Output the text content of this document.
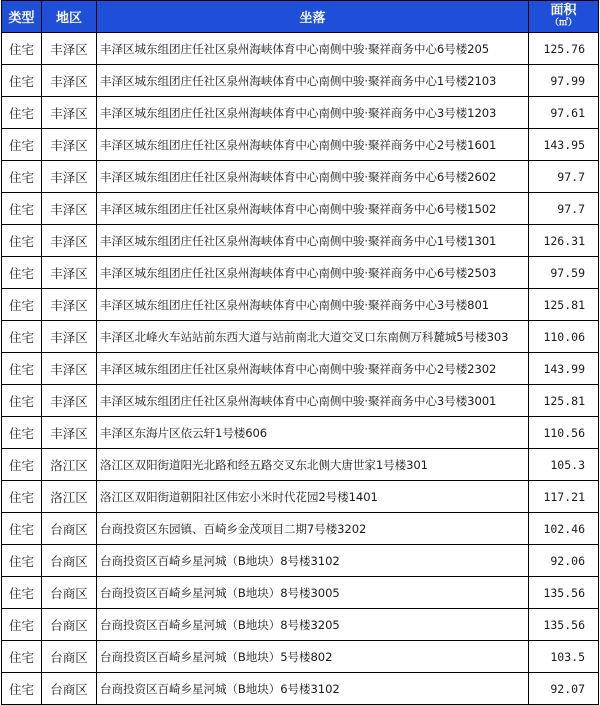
类型	地区	坐落	面积
（㎡）

住宅	丰泽区	丰泽区城东组团庄任社区泉州海峡体育中心南侧中骏·聚祥商务中心6号楼205	125.76
住宅	丰泽区	丰泽区城东组团庄任社区泉州海峡体育中心南侧中骏·聚祥商务中心1号楼2103	97.99
住宅	丰泽区	丰泽区城东组团庄任社区泉州海峡体育中心南侧中骏·聚祥商务中心3号楼1203	97.61
住宅	丰泽区	丰泽区城东组团庄任社区泉州海峡体育中心南侧中骏·聚祥商务中心2号楼1601	143.95
住宅	丰泽区	丰泽区城东组团庄任社区泉州海峡体育中心南侧中骏·聚祥商务中心6号楼2602	97.7
住宅	丰泽区	丰泽区城东组团庄任社区泉州海峡体育中心南侧中骏·聚祥商务中心6号楼1502	97.7
住宅	丰泽区	丰泽区城东组团庄任社区泉州海峡体育中心南侧中骏·聚祥商务中心1号楼1301	126.31
住宅	丰泽区	丰泽区城东组团庄任社区泉州海峡体育中心南侧中骏·聚祥商务中心6号楼2503	97.59
住宅	丰泽区	丰泽区城东组团庄任社区泉州海峡体育中心南侧中骏·聚祥商务中心3号楼801	125.81
住宅	丰泽区	丰泽区北峰火车站站前东西大道与站前南北大道交叉口东南侧万科麓城5号楼303	110.06
住宅	丰泽区	丰泽区城东组团庄任社区泉州海峡体育中心南侧中骏·聚祥商务中心2号楼2302	143.99
住宅	丰泽区	丰泽区城东组团庄任社区泉州海峡体育中心南侧中骏·聚祥商务中心3号楼3001	125.81
住宅	丰泽区	丰泽区东海片区依云轩1号楼606	110.56
住宅	洛江区	洛江区双阳街道阳光北路和经五路交叉东北侧大唐世家1号楼301	105.3
住宅	洛江区	洛江区双阳街道朝阳社区伟宏小米时代花园2号楼1401	117.21
住宅	台商区	台商投资区东园镇、百崎乡金茂项目二期7号楼3202	102.46
住宅	台商区	台商投资区百崎乡星河城（B地块）8号楼3102	92.06
住宅	台商区	台商投资区百崎乡星河城（B地块）8号楼3005	135.56
住宅	台商区	台商投资区百崎乡星河城（B地块）8号楼3205	135.56
住宅	台商区	台商投资区百崎乡星河城（B地块）5号楼802	103.5
住宅	台商区	台商投资区百崎乡星河城（B地块）6号楼3102	92.07
